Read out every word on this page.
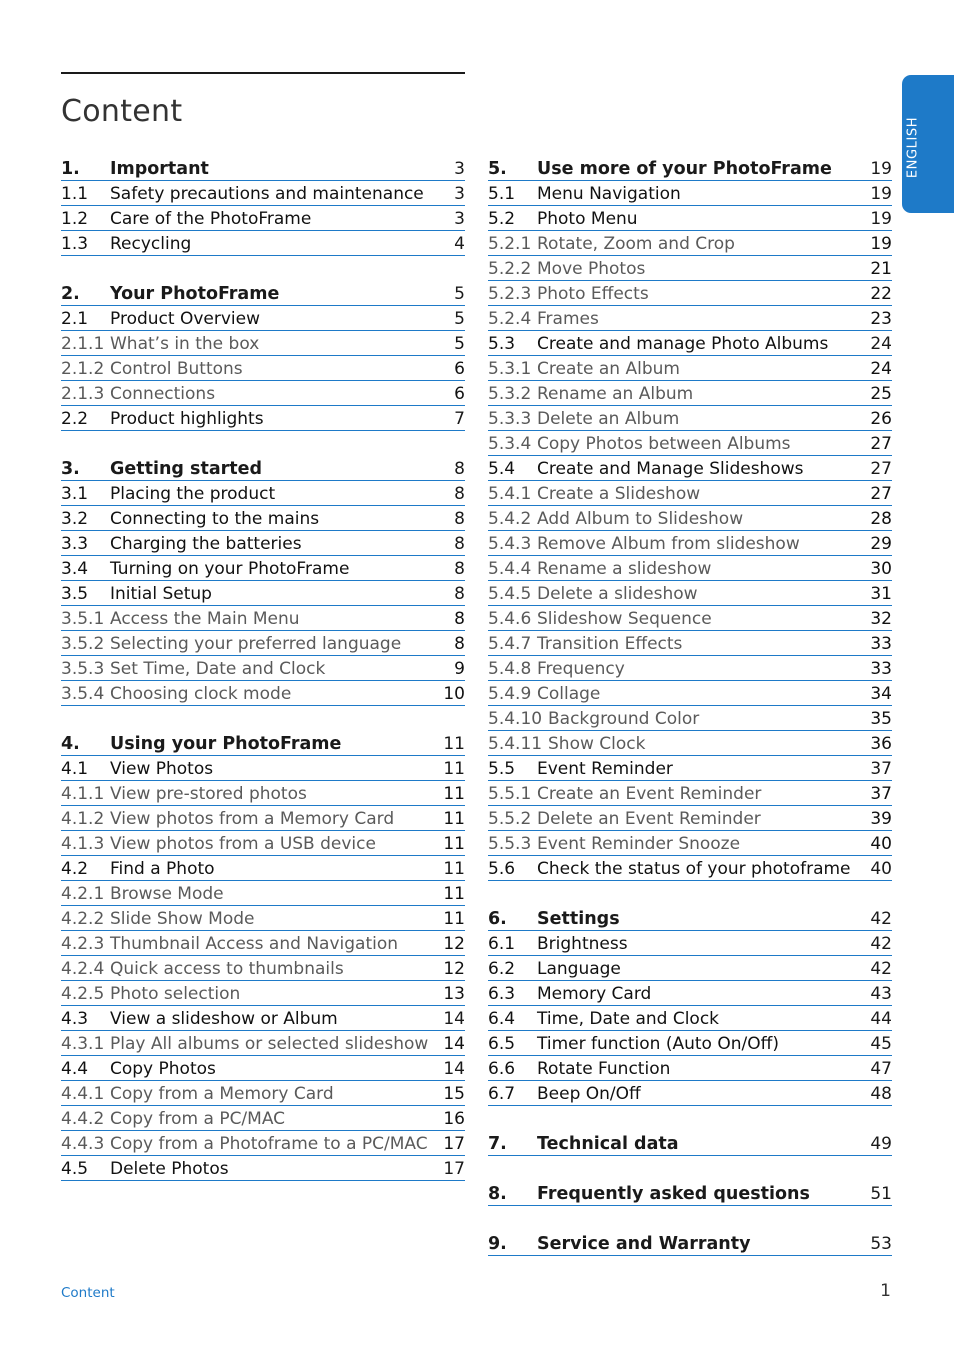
Content
ENGLISH
1. Important	3
1.1 Safety precautions and maintenance 3
1.2 Care of the PhotoFrame	3
1.3 Recycling	4
2. Your PhotoFrame	5
2.1 Product Overview	5
2.1.1 What’s in the box	5
2.1.2 Control Buttons	6
2.1.3 Connections	6
2.2 Product highlights	7
3. Getting started	8
3.1 Placing the product	8
3.2 Connecting to the mains	8
3.3 Charging the batteries	8
3.4 Turning on your PhotoFrame	8
3.5 Initial Setup	8
3.5.1 Access the Main Menu	8
3.5.2 Selecting your preferred language	8
3.5.3 Set Time, Date and Clock	9
3.5.4 Choosing clock mode	10
4. Using your PhotoFrame	11
4.1 View Photos	11
4.1.1 View pre-stored photos	11
4.1.2 View photos from a Memory Card	11
4.1.3 View photos from a USB device	11
4.2 Find a Photo	11
4.2.1 Browse Mode	11
4.2.2 Slide Show Mode	11
4.2.3 Thumbnail Access and Navigation	12
4.2.4 Quick access to thumbnails	12
4.2.5 Photo selection	13
4.3 View a slideshow or Album	14
4.3.1 Play All albums or selected slideshow 14
4.4 Copy Photos	14
4.4.1 Copy from a Memory Card	15
4.4.2 Copy from a PC/MAC	16
4.4.3 Copy from a Photoframe to a PC/MAC 17
4.5 Delete Photos	17
5. Use more of your PhotoFrame 19
5.1 Menu Navigation	19
5.2 Photo Menu	19
5.2.1 Rotate, Zoom and Crop	19
5.2.2 Move Photos	21
5.2.3 Photo Effects	22
5.2.4 Frames	23
5.3 Create and manage Photo Albums 24
5.3.1 Create an Album	24
5.3.2 Rename an Album	25
5.3.3 Delete an Album	26
5.3.4 Copy Photos between Albums	27
5.4 Create and Manage Slideshows	27
5.4.1 Create a Slideshow	27
5.4.2 Add Album to Slideshow	28
5.4.3 Remove Album from slideshow	29
5.4.4 Rename a slideshow	30
5.4.5 Delete a slideshow	31
5.4.6 Slideshow Sequence	32
5.4.7 Transition Effects	33
5.4.8 Frequency	33
5.4.9 Collage	34
5.4.10 Background Color	35
5.4.11 Show Clock	36
5.5 Event Reminder	37
5.5.1 Create an Event Reminder	37
5.5.2 Delete an Event Reminder	39
5.5.3 Event Reminder Snooze	40
5.6 Check the status of your photoframe 40
6. Settings	42
6.1 Brightness	42
6.2 Language	42
6.3 Memory Card	43
6.4 Time, Date and Clock	44
6.5 Timer function (Auto On/Off)	45
6.6 Rotate Function	47
6.7 Beep On/Off	48
7. Technical data	49
8. Frequently asked questions	51
9. Service and Warranty	53
Content	1
